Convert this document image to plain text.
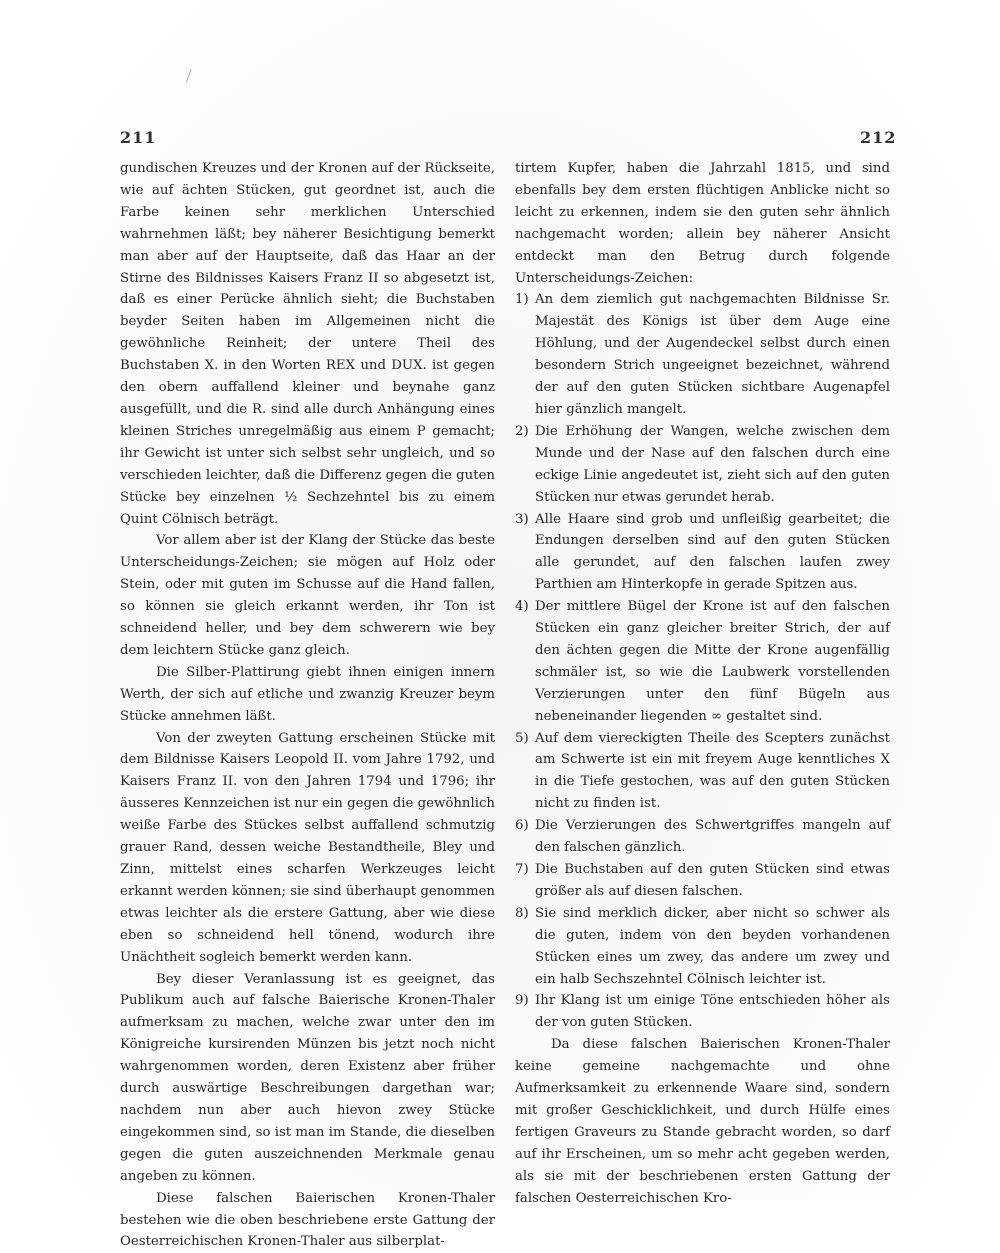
211	212

gundischen Kreuzes und der Kronen auf der Rückseite, wie auf ächten Stücken, gut geordnet ist, auch die Farbe keinen sehr merklichen Unterschied wahrnehmen läßt; bey näherer Besichtigung bemerkt man aber auf der Hauptseite, daß das Haar an der Stirne des Bildnisses Kaisers Franz II so abgesetzt ist, daß es einer Perücke ähnlich sieht; die Buchstaben beyder Seiten haben im Allgemeinen nicht die gewöhnliche Reinheit; der untere Theil des Buchstaben X. in den Worten REX und DUX. ist gegen den obern auffallend kleiner und beynahe ganz ausgefüllt, und die R. sind alle durch Anhängung eines kleinen Striches unregelmäßig aus einem P gemacht; ihr Gewicht ist unter sich selbst sehr ungleich, und so verschieden leichter, daß die Differenz gegen die guten Stücke bey einzelnen ½ Sechzehntel bis zu einem Quint Cölnisch beträgt.

Vor allem aber ist der Klang der Stücke das beste Unterscheidungs-Zeichen; sie mögen auf Holz oder Stein, oder mit guten im Schusse auf die Hand fallen, so können sie gleich erkannt werden, ihr Ton ist schneidend heller, und bey dem schwerern wie bey dem leichtern Stücke ganz gleich.

Die Silber-Plattirung giebt ihnen einigen innern Werth, der sich auf etliche und zwanzig Kreuzer beym Stücke annehmen läßt.

Von der zweyten Gattung erscheinen Stücke mit dem Bildnisse Kaisers Leopold II. vom Jahre 1792, und Kaisers Franz II. von den Jahren 1794 und 1796; ihr äusseres Kennzeichen ist nur ein gegen die gewöhnlich weiße Farbe des Stückes selbst auffallend schmutzig grauer Rand, dessen weiche Bestandtheile, Bley und Zinn, mittelst eines scharfen Werkzeuges leicht erkannt werden können; sie sind überhaupt genommen etwas leichter als die erstere Gattung, aber wie diese eben so schneidend hell tönend, wodurch ihre Unächtheit sogleich bemerkt werden kann.

Bey dieser Veranlassung ist es geeignet, das Publikum auch auf falsche Baierische Kronen-Thaler aufmerksam zu machen, welche zwar unter den im Königreiche kursirenden Münzen bis jetzt noch nicht wahrgenommen worden, deren Existenz aber früher durch auswärtige Beschreibungen dargethan war; nachdem nun aber auch hievon zwey Stücke eingekommen sind, so ist man im Stande, die dieselben gegen die guten auszeichnenden Merkmale genau angeben zu können.

Diese falschen Baierischen Kronen-Thaler bestehen wie die oben beschriebene erste Gattung der Oesterreichischen Kronen-Thaler aus silberplat-

tirtem Kupfer, haben die Jahrzahl 1815, und sind ebenfalls bey dem ersten flüchtigen Anblicke nicht so leicht zu erkennen, indem sie den guten sehr ähnlich nachgemacht worden; allein bey näherer Ansicht entdeckt man den Betrug durch folgende Unterscheidungs-Zeichen:

1) An dem ziemlich gut nachgemachten Bildnisse Sr. Majestät des Königs ist über dem Auge eine Höhlung, und der Augendeckel selbst durch einen besondern Strich ungeeignet bezeichnet, während der auf den guten Stücken sichtbare Augenapfel hier gänzlich mangelt.
2) Die Erhöhung der Wangen, welche zwischen dem Munde und der Nase auf den falschen durch eine eckige Linie angedeutet ist, zieht sich auf den guten Stücken nur etwas gerundet herab.
3) Alle Haare sind grob und unfleißig gearbeitet; die Endungen derselben sind auf den guten Stücken alle gerundet, auf den falschen laufen zwey Parthien am Hinterkopfe in gerade Spitzen aus.
4) Der mittlere Bügel der Krone ist auf den falschen Stücken ein ganz gleicher breiter Strich, der auf den ächten gegen die Mitte der Krone augenfällig schmäler ist, so wie die Laubwerk vorstellenden Verzierungen unter den fünf Bügeln aus nebeneinander liegenden ∞ gestaltet sind.
5) Auf dem viereckigten Theile des Scepters zunächst am Schwerte ist ein mit freyem Auge kenntliches X in die Tiefe gestochen, was auf den guten Stücken nicht zu finden ist.
6) Die Verzierungen des Schwertgriffes mangeln auf den falschen gänzlich.
7) Die Buchstaben auf den guten Stücken sind etwas größer als auf diesen falschen.
8) Sie sind merklich dicker, aber nicht so schwer als die guten, indem von den beyden vorhandenen Stücken eines um zwey, das andere um zwey und ein halb Sechszehntel Cölnisch leichter ist.
9) Ihr Klang ist um einige Töne entschieden höher als der von guten Stücken.

Da diese falschen Baierischen Kronen-Thaler keine gemeine nachgemachte und ohne Aufmerksamkeit zu erkennende Waare sind, sondern mit großer Geschicklichkeit, und durch Hülfe eines fertigen Graveurs zu Stande gebracht worden, so darf auf ihr Erscheinen, um so mehr acht gegeben werden, als sie mit der beschriebenen ersten Gattung der falschen Oesterreichischen Kro-
